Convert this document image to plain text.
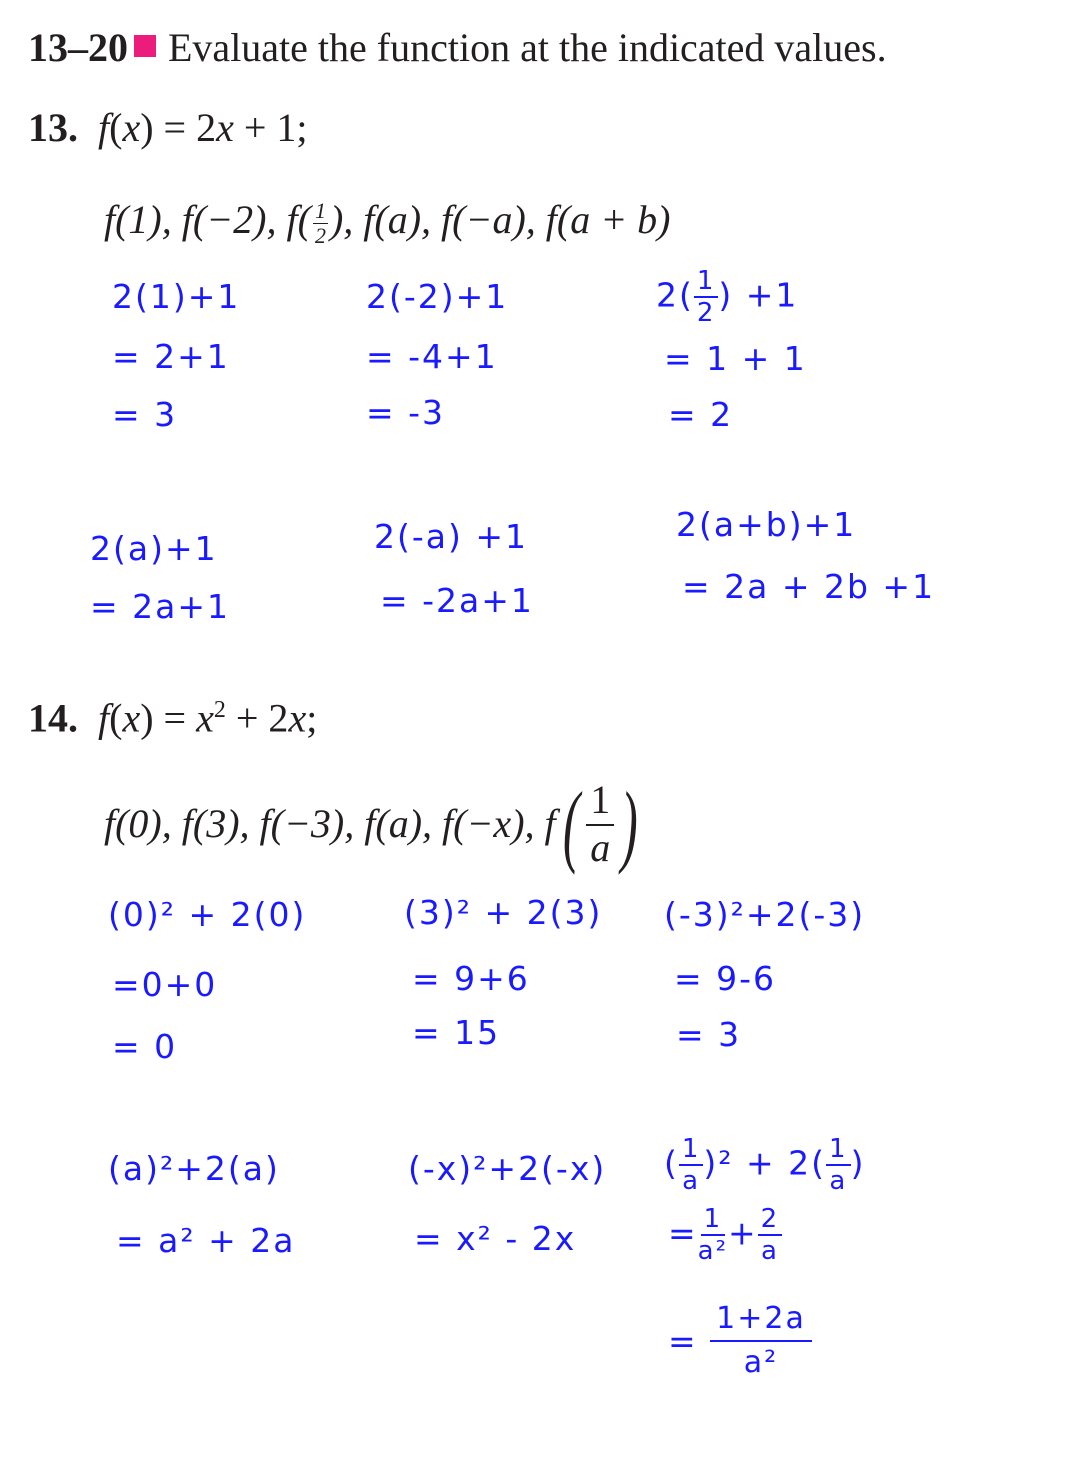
13–20 Evaluate the function at the indicated values.
13. f(x) = 2x + 1;
f(1), f(−2), $f( \frac{1}{2}$ ), f(a), f(−a), f(a + b)
2(1)+1
= 2+1
= 3
2(-2)+1
= -4+1
= -3
$2( \frac{1}{2}$ ) +1
= 1 + 1
= 2
2(a)+1
= 2a+1
2(-a) +1
= -2a+1
2(a+b)+1
= 2a + 2b +1
14. $f(x) = x^2 + 2x$;
f(0), f(3), f(−3), f(a), f(−x), $f( \frac{1}{a}$ )
(0)² + 2(0)
=0+0
= 0
(3)² + 2(3)
= 9+6
= 15
(-3)²+2(-3)
= 9-6
= 3
(a)²+2(a)
= a² + 2a
(-x)²+2(-x)
= x² - 2x
( $\frac{1}{a} )^2 + 2( \frac{1}{a}$ )
= $\frac{1}{\text{a²}} + \frac{2}{a}$
= $\frac{1+2a}{\text{a²}}$
